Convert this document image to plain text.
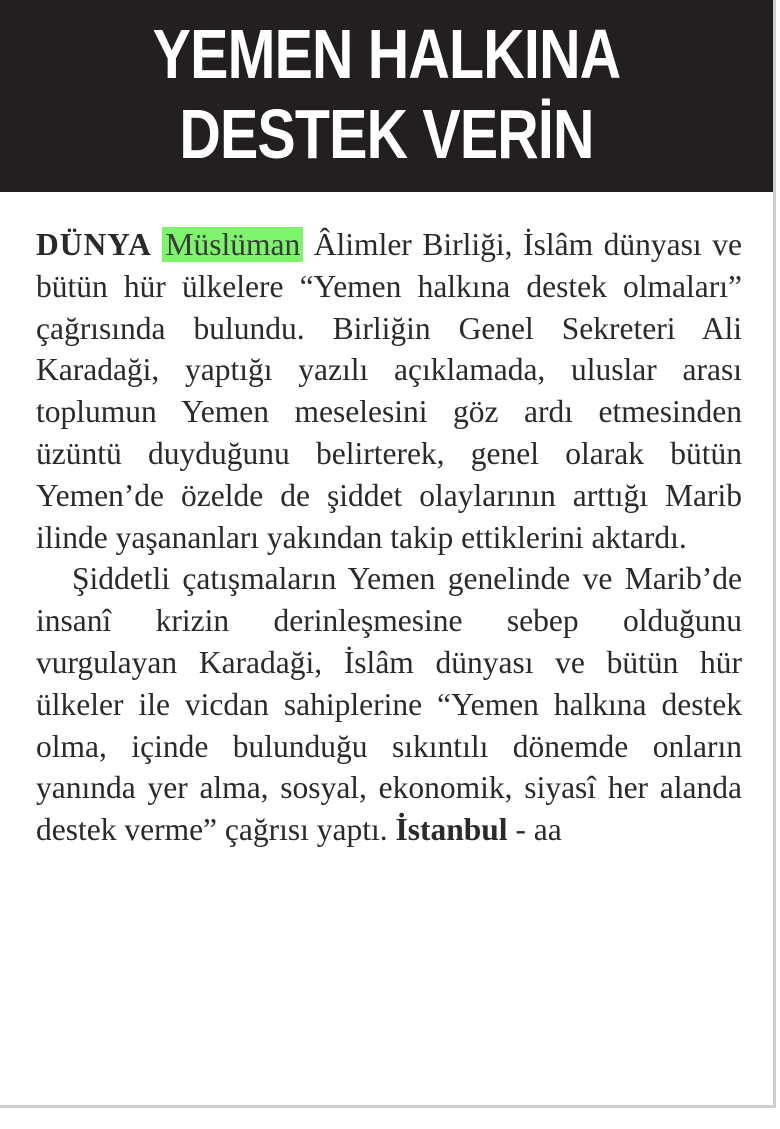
YEMEN HALKINA
DESTEK VERİN

DÜNYA Müslüman Âlimler Birliği, İslâm dünyası ve bütün hür ülkelere “Yemen halkına destek olmaları” çağrısında bulundu. Birliğin Genel Sekreteri Ali Karadaği, yaptığı yazılı açıklamada, uluslar arası toplumun Yemen meselesini göz ardı etmesinden üzüntü duyduğunu belirterek, genel olarak bütün Yemen’de özelde de şiddet olaylarının arttığı Marib ilinde yaşananları yakından takip ettiklerini aktardı.

Şiddetli çatışmaların Yemen genelinde ve Marib’de insanî krizin derinleşmesine sebep olduğunu vurgulayan Karadaği, İslâm dünyası ve bütün hür ülkeler ile vicdan sahiplerine “Yemen halkına destek olma, içinde bulunduğu sıkıntılı dönemde onların yanında yer alma, sosyal, ekonomik, siyasî her alanda destek verme” çağrısı yaptı. İstanbul - aa
